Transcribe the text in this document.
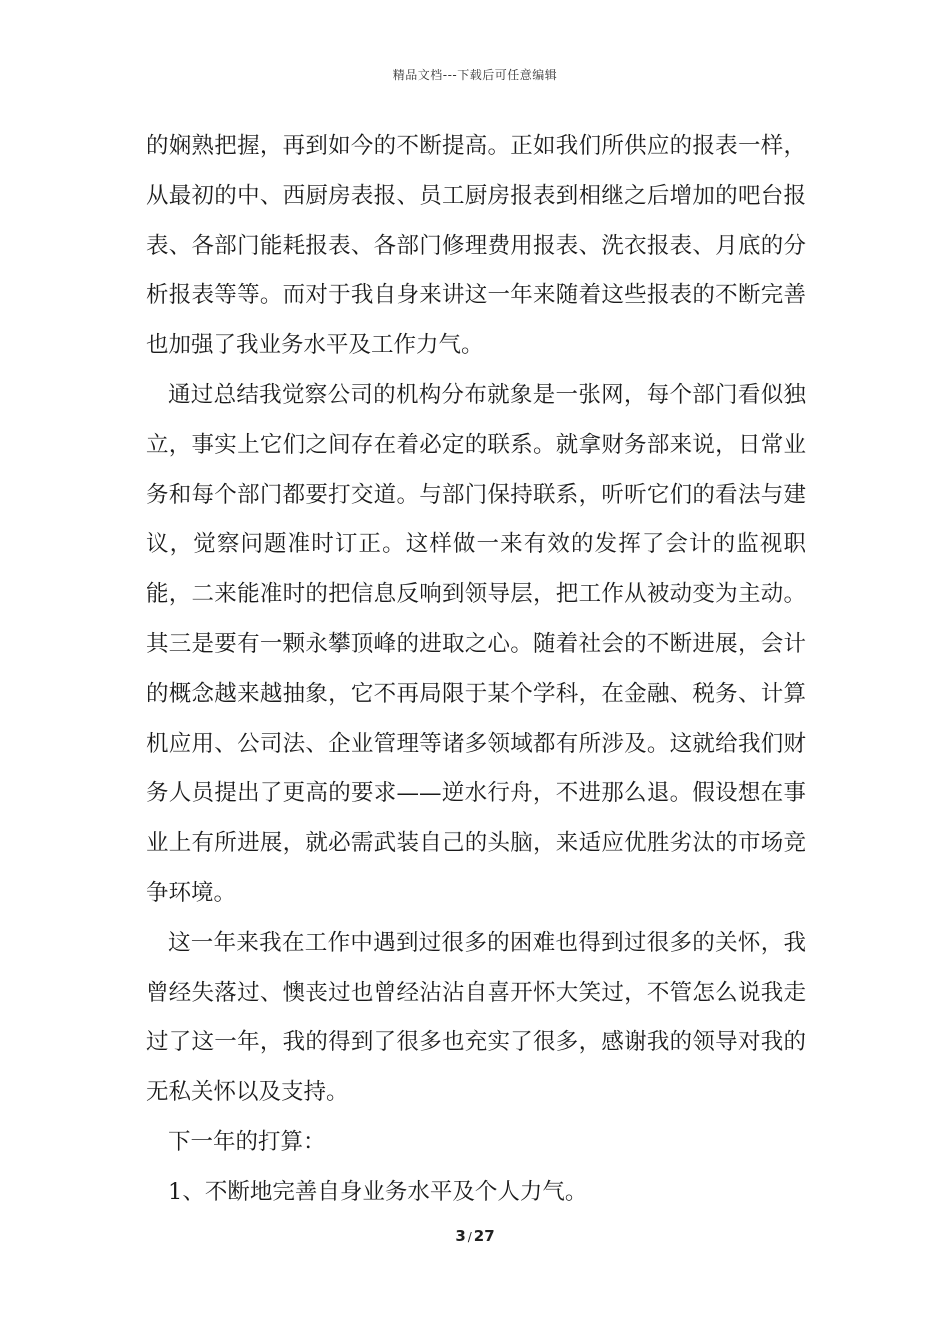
精品文档---下载后可任意编辑

的娴熟把握，再到如今的不断提高。正如我们所供应的报表一样，从最初的中、西厨房表报、员工厨房报表到相继之后增加的吧台报表、各部门能耗报表、各部门修理费用报表、洗衣报表、月底的分析报表等等。而对于我自身来讲这一年来随着这些报表的不断完善也加强了我业务水平及工作力气。

通过总结我觉察公司的机构分布就象是一张网，每个部门看似独立，事实上它们之间存在着必定的联系。就拿财务部来说，日常业务和每个部门都要打交道。与部门保持联系，听听它们的看法与建议，觉察问题准时订正。这样做一来有效的发挥了会计的监视职能，二来能准时的把信息反响到领导层，把工作从被动变为主动。其三是要有一颗永攀顶峰的进取之心。随着社会的不断进展，会计的概念越来越抽象，它不再局限于某个学科，在金融、税务、计算机应用、公司法、企业管理等诸多领域都有所涉及。这就给我们财务人员提出了更高的要求——逆水行舟，不进那么退。假设想在事业上有所进展，就必需武装自己的头脑，来适应优胜劣汰的市场竞争环境。

这一年来我在工作中遇到过很多的困难也得到过很多的关怀，我曾经失落过、懊丧过也曾经沾沾自喜开怀大笑过，不管怎么说我走过了这一年，我的得到了很多也充实了很多，感谢我的领导对我的无私关怀以及支持。

下一年的打算：

1、不断地完善自身业务水平及个人力气。

3 / 27
